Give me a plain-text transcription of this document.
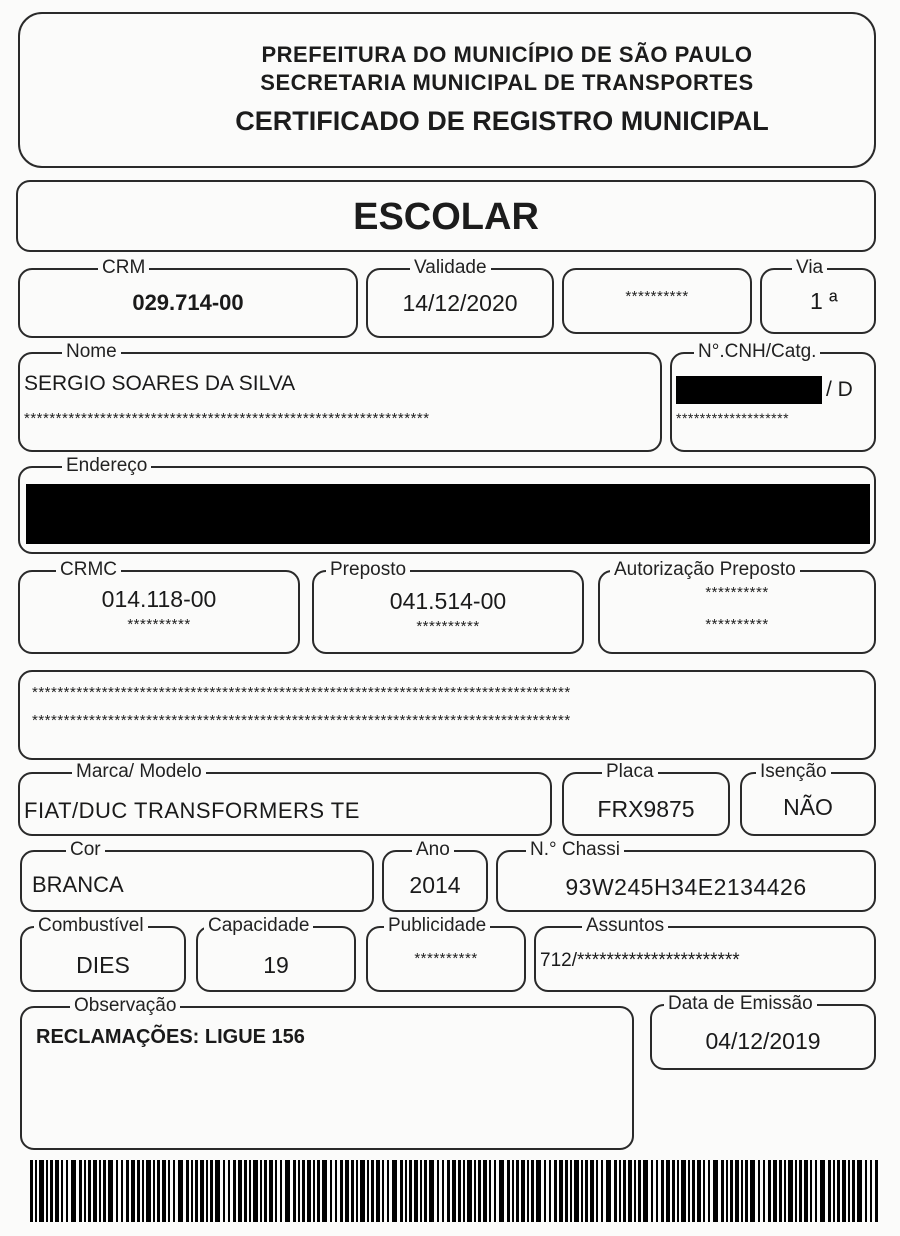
PREFEITURA DO MUNICÍPIO DE SÃO PAULO
SECRETARIA MUNICIPAL DE TRANSPORTES
CERTIFICADO DE REGISTRO MUNICIPAL
ESCOLAR
CRM
029.714-00
Validade
14/12/2020	**********
Via
1 ª
Nome
SERGIO SOARES DA SILVA
****************************************************************
N°.CNH/Catg.
/ D
*******************
Endereço
CRMC
014.118-00
**********
Preposto
041.514-00
**********
Autorização Preposto
**********
**********
*************************************************************************************
*************************************************************************************
Marca/ Modelo
FIAT/DUC TRANSFORMERS TE
Placa
FRX9875
Isenção
NÃO
Cor
BRANCA
Ano
2014
N.° Chassi
93W245H34E2134426
Combustível
DIES
Capacidade
19
Publicidade
**********
Assuntos
712/**********************
Observação
RECLAMAÇÕES: LIGUE 156
Data de Emissão
04/12/2019
